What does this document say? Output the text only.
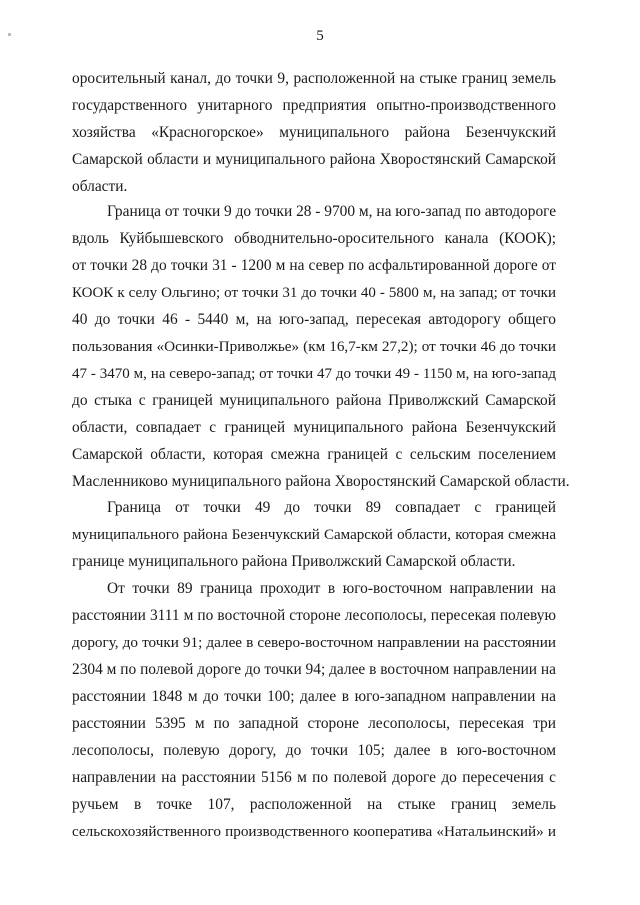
5
оросительный канал, до точки 9, расположенной на стыке границ земель
государственного унитарного предприятия опытно-производственного
хозяйства «Красногорское» муниципального района Безенчукский
Самарской области и муниципального района Хворостянский Самарской
области.
Граница от точки 9 до точки 28 - 9700 м, на юго-запад по автодороге
вдоль Куйбышевского обводнительно-оросительного канала (КООК);
от точки 28 до точки 31 - 1200 м на север по асфальтированной дороге от
КООК к селу Ольгино; от точки 31 до точки 40 - 5800 м, на запад; от точки
40 до точки 46 - 5440 м, на юго-запад, пересекая автодорогу общего
пользования «Осинки-Приволжье» (км 16,7-км 27,2); от точки 46 до точки
47 - 3470 м, на северо-запад; от точки 47 до точки 49 - 1150 м, на юго-запад
до стыка с границей муниципального района Приволжский Самарской
области, совпадает с границей муниципального района Безенчукский
Самарской области, которая смежна границей с сельским поселением
Масленниково муниципального района Хворостянский Самарской области.
Граница от точки 49 до точки 89 совпадает с границей
муниципального района Безенчукский Самарской области, которая смежна
границе муниципального района Приволжский Самарской области.
От точки 89 граница проходит в юго-восточном направлении на
расстоянии 3111 м по восточной стороне лесополосы, пересекая полевую
дорогу, до точки 91; далее в северо-восточном направлении на расстоянии
2304 м по полевой дороге до точки 94; далее в восточном направлении на
расстоянии 1848 м до точки 100; далее в юго-западном направлении на
расстоянии 5395 м по западной стороне лесополосы, пересекая три
лесополосы, полевую дорогу, до точки 105; далее в юго-восточном
направлении на расстоянии 5156 м по полевой дороге до пересечения с
ручьем в точке 107, расположенной на стыке границ земель
сельскохозяйственного производственного кооператива «Натальинский» и
